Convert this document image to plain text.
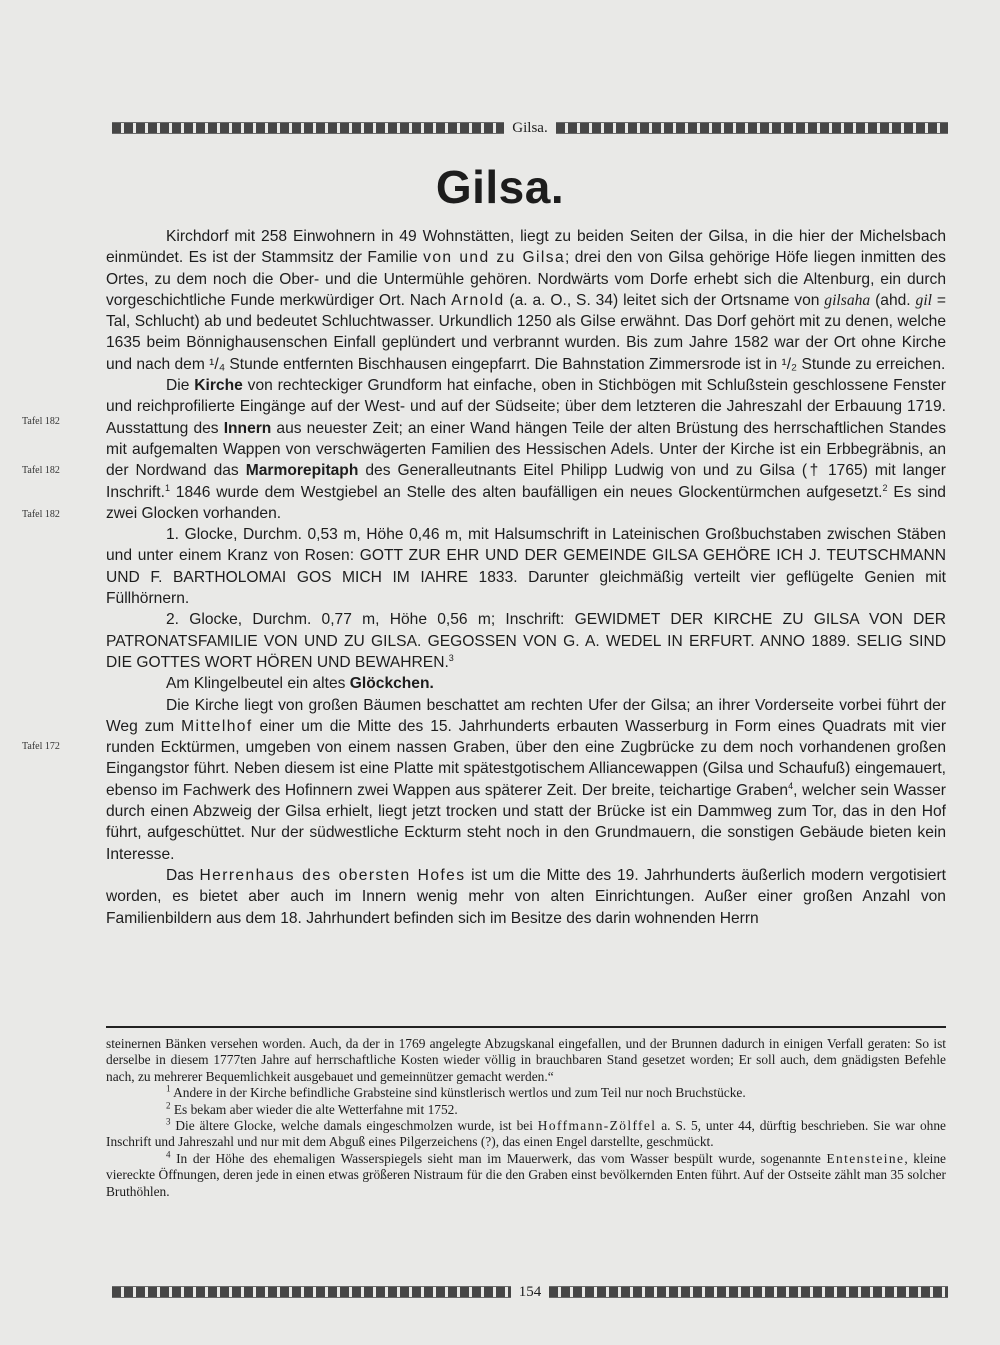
Gilsa.
Gilsa.
Tafel 182
Tafel 182
Tafel 182
Tafel 172

Kirchdorf mit 258 Einwohnern in 49 Wohnstätten, liegt zu beiden Seiten der Gilsa, in die hier der Michelsbach einmündet. Es ist der Stammsitz der Familie von und zu Gilsa; drei den von Gilsa gehörige Höfe liegen inmitten des Ortes, zu dem noch die Ober- und die Untermühle gehören. Nordwärts vom Dorfe erhebt sich die Altenburg, ein durch vorgeschichtliche Funde merkwürdiger Ort. Nach Arnold (a. a. O., S. 34) leitet sich der Ortsname von gilsaha (ahd. gil = Tal, Schlucht) ab und bedeutet Schluchtwasser. Urkundlich 1250 als Gilse erwähnt. Das Dorf gehört mit zu denen, welche 1635 beim Bönnighausenschen Einfall geplündert und verbrannt wurden. Bis zum Jahre 1582 war der Ort ohne Kirche und nach dem ¹/₄ Stunde entfernten Bischhausen eingepfarrt. Die Bahnstation Zimmersrode ist in ¹/₂ Stunde zu erreichen.

Die Kirche von rechteckiger Grundform hat einfache, oben in Stichbögen mit Schlußstein geschlossene Fenster und reichprofilierte Eingänge auf der West- und auf der Südseite; über dem letzteren die Jahreszahl der Erbauung 1719. Ausstattung des Innern aus neuester Zeit; an einer Wand hängen Teile der alten Brüstung des herrschaftlichen Standes mit aufgemalten Wappen von verschwägerten Familien des Hessischen Adels. Unter der Kirche ist ein Erbbegräbnis, an der Nordwand das Marmorepitaph des Generalleutnants Eitel Philipp Ludwig von und zu Gilsa († 1765) mit langer Inschrift.$^1$ 1846 wurde dem Westgiebel an Stelle des alten baufälligen ein neues Glockentürmchen aufgesetzt.$^2$ Es sind zwei Glocken vorhanden.

1. Glocke, Durchm. 0,53 m, Höhe 0,46 m, mit Halsumschrift in Lateinischen Großbuchstaben zwischen Stäben und unter einem Kranz von Rosen: GOTT ZUR EHR UND DER GEMEINDE GILSA GEHÖRE ICH J. TEUTSCHMANN UND F. BARTHOLOMAI GOS MICH IM IAHRE 1833. Darunter gleichmäßig verteilt vier geflügelte Genien mit Füllhörnern.

2. Glocke, Durchm. 0,77 m, Höhe 0,56 m; Inschrift: GEWIDMET DER KIRCHE ZU GILSA VON DER PATRONATSFAMILIE VON UND ZU GILSA. GEGOSSEN VON G. A. WEDEL IN ERFURT. ANNO 1889. SELIG SIND DIE GOTTES WORT HÖREN UND BEWAHREN.$^3$

Am Klingelbeutel ein altes Glöckchen.

Die Kirche liegt von großen Bäumen beschattet am rechten Ufer der Gilsa; an ihrer Vorderseite vorbei führt der Weg zum Mittelhof einer um die Mitte des 15. Jahrhunderts erbauten Wasserburg in Form eines Quadrats mit vier runden Ecktürmen, umgeben von einem nassen Graben, über den eine Zugbrücke zu dem noch vorhandenen großen Eingangstor führt. Neben diesem ist eine Platte mit spätestgotischem Alliancewappen (Gilsa und Schaufuß) eingemauert, ebenso im Fachwerk des Hofinnern zwei Wappen aus späterer Zeit. Der breite, teichartige Graben$^4$, welcher sein Wasser durch einen Abzweig der Gilsa erhielt, liegt jetzt trocken und statt der Brücke ist ein Dammweg zum Tor, das in den Hof führt, aufgeschüttet. Nur der südwestliche Eckturm steht noch in den Grundmauern, die sonstigen Gebäude bieten kein Interesse.

Das Herrenhaus des obersten Hofes ist um die Mitte des 19. Jahrhunderts äußerlich modern vergotisiert worden, es bietet aber auch im Innern wenig mehr von alten Einrichtungen. Außer einer großen Anzahl von Familienbildern aus dem 18. Jahrhundert befinden sich im Besitze des darin wohnenden Herrn

steinernen Bänken versehen worden. Auch, da der in 1769 angelegte Abzugskanal eingefallen, und der Brunnen dadurch in einigen Verfall geraten: So ist derselbe in diesem 1777ten Jahre auf herrschaftliche Kosten wieder völlig in brauchbaren Stand gesetzet worden; Er soll auch, dem gnädigsten Befehle nach, zu mehrerer Bequemlichkeit ausgebauet und gemeinnützer gemacht werden.“

$^1$ Andere in der Kirche befindliche Grabsteine sind künstlerisch wertlos und zum Teil nur noch Bruchstücke.

$^2$ Es bekam aber wieder die alte Wetterfahne mit 1752.

$^3$ Die ältere Glocke, welche damals eingeschmolzen wurde, ist bei Hoffmann-Zölffel a. S. 5, unter 44, dürftig beschrieben. Sie war ohne Inschrift und Jahreszahl und nur mit dem Abguß eines Pilgerzeichens (?), das einen Engel darstellte, geschmückt.

$^4$ In der Höhe des ehemaligen Wasserspiegels sieht man im Mauerwerk, das vom Wasser bespült wurde, sogenannte Entensteine, kleine viereckte Öffnungen, deren jede in einen etwas größeren Nistraum für die den Graben einst bevölkernden Enten führt. Auf der Ostseite zählt man 35 solcher Bruthöhlen.

154
